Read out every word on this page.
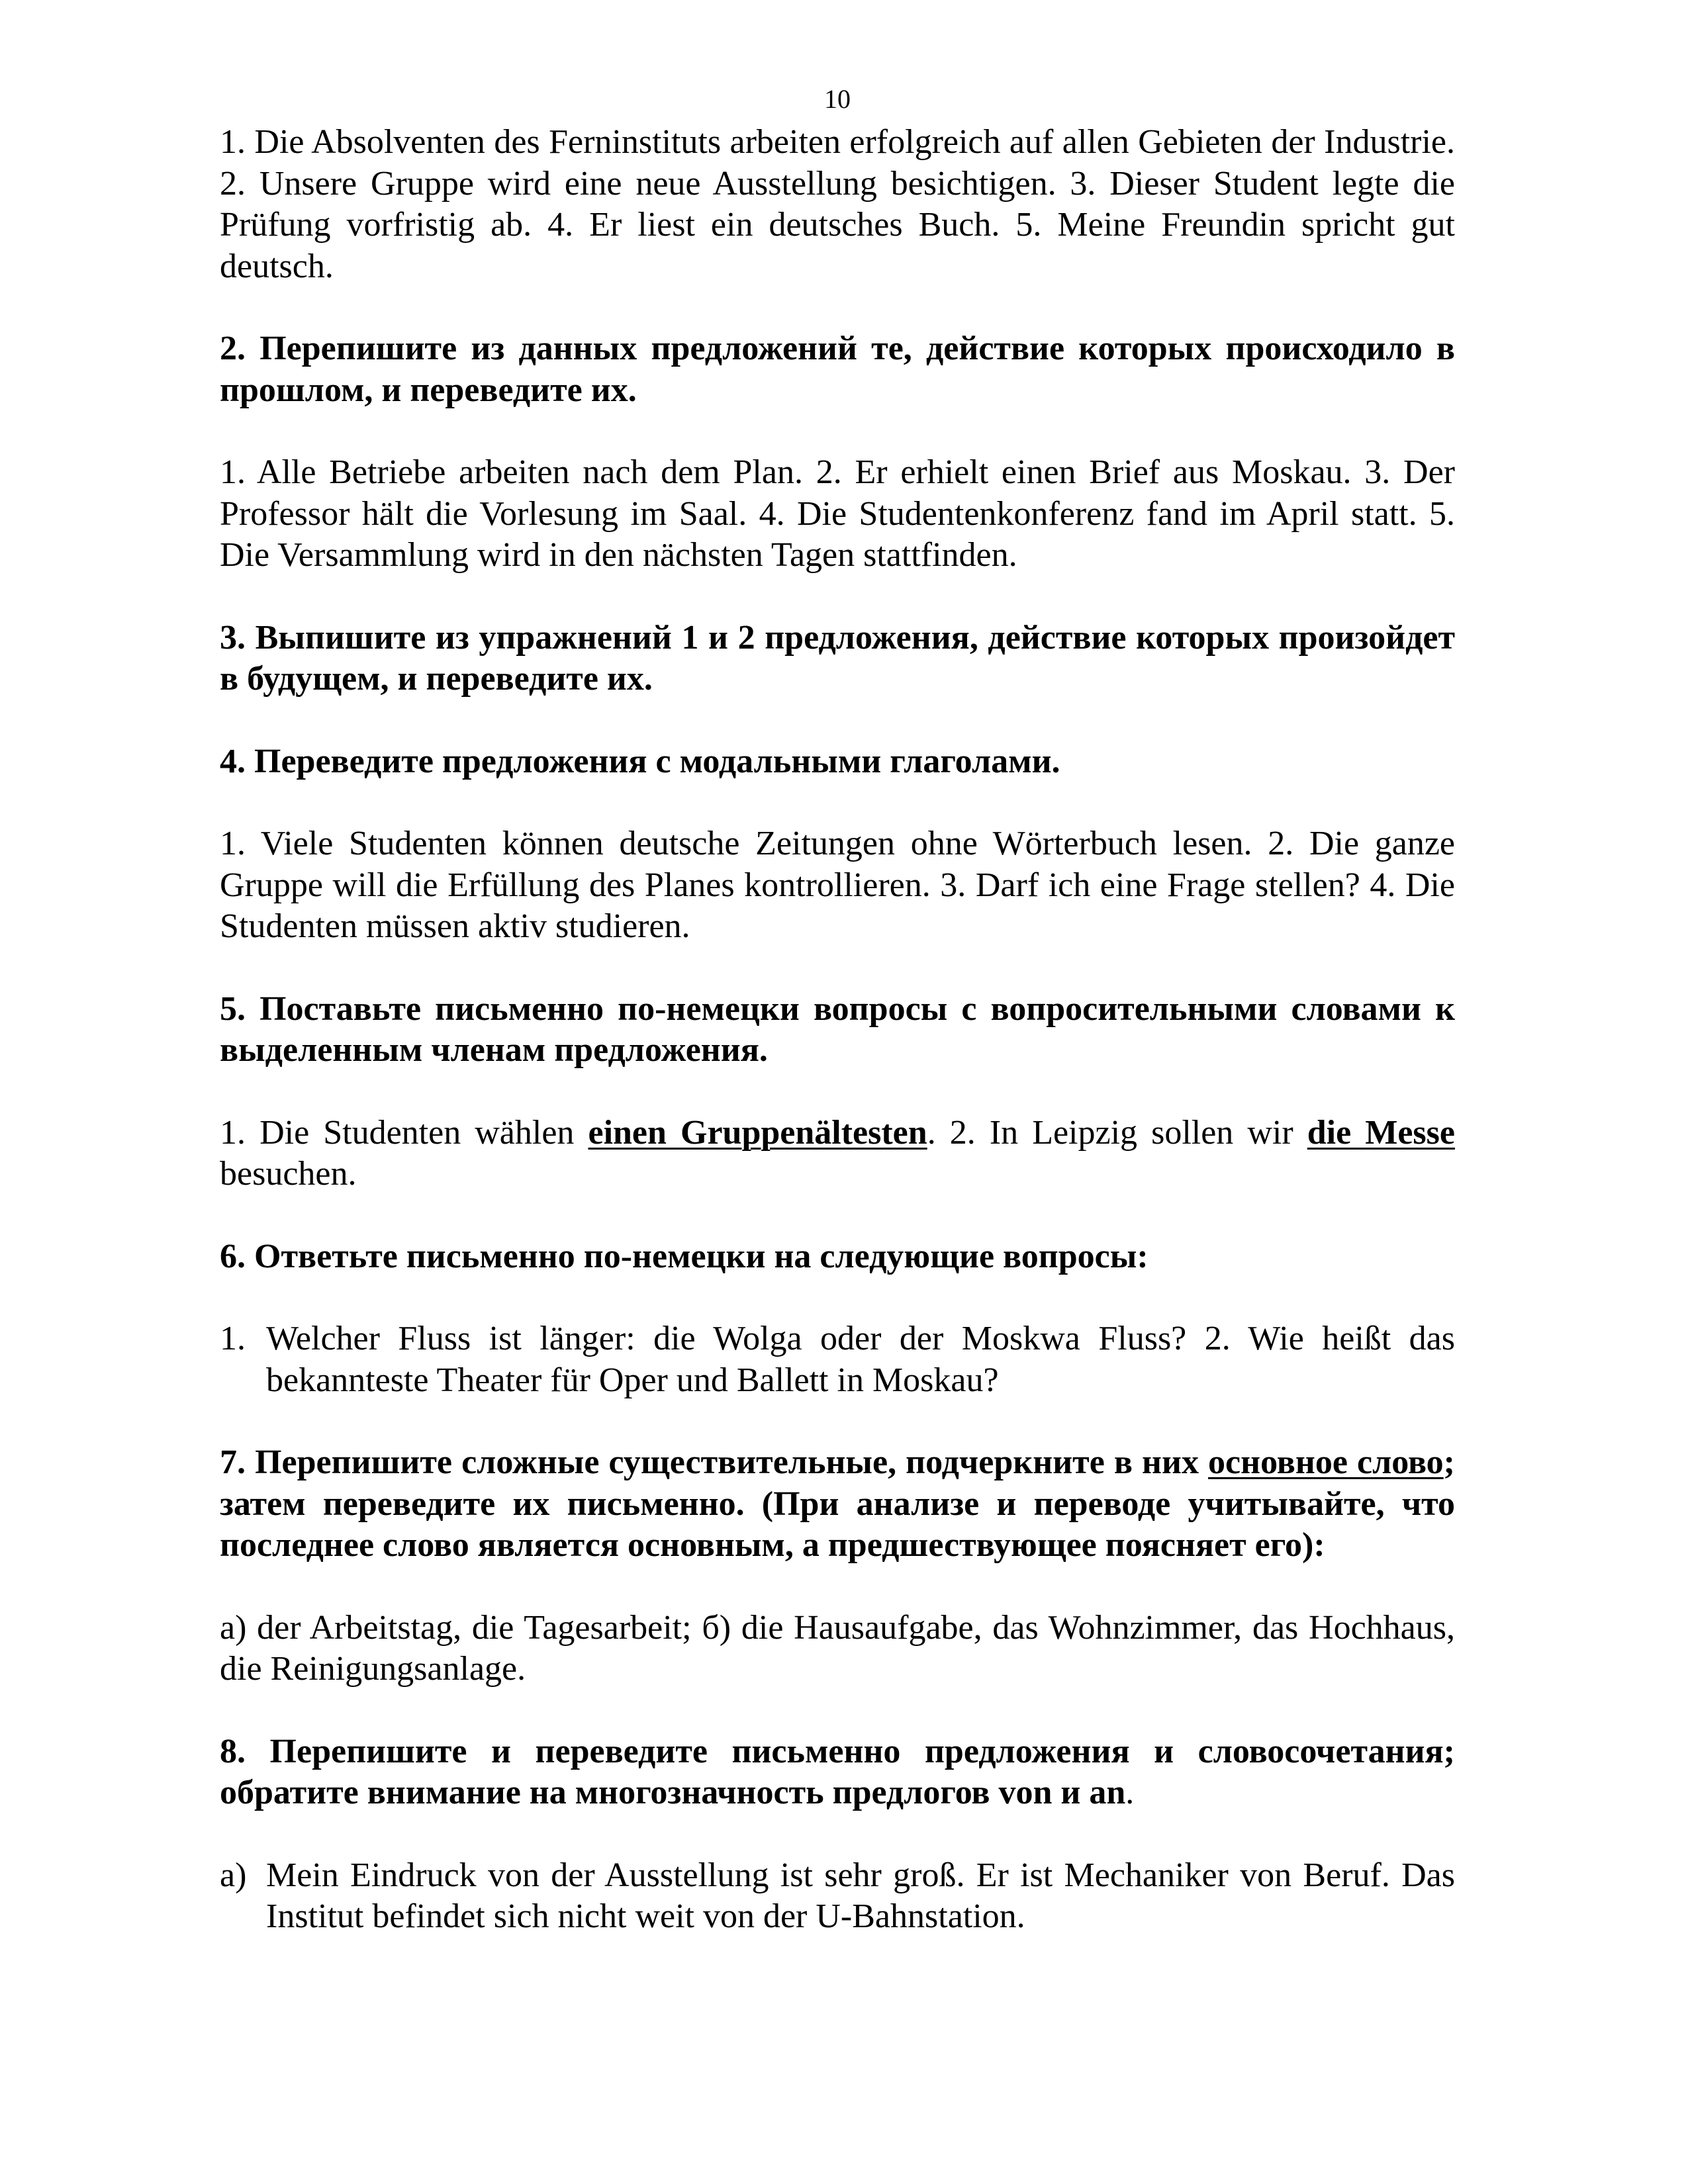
10

1. Die Absolventen des Ferninstituts arbeiten erfolgreich auf allen Gebieten der Industrie. 2. Unsere Gruppe wird eine neue Ausstellung besichtigen. 3. Dieser Student legte die Prüfung vorfristig ab. 4. Er liest ein deutsches Buch. 5. Meine Freundin spricht gut deutsch.

2. Перепишите из данных предложений те, действие которых происходило в прошлом, и переведите их.

1. Alle Betriebe arbeiten nach dem Plan. 2. Er erhielt einen Brief aus Moskau. 3. Der Professor hält die Vorlesung im Saal. 4. Die Studentenkonferenz fand im April statt. 5. Die Versammlung wird in den nächsten Tagen stattfinden.

3. Выпишите из упражнений 1 и 2 предложения, действие которых произойдет в будущем, и переведите их.

4. Переведите предложения с модальными глаголами.

1. Viele Studenten können deutsche Zeitungen ohne Wörterbuch lesen. 2. Die ganze Gruppe will die Erfüllung des Planes kontrollieren. 3. Darf ich eine Frage stellen? 4. Die Studenten müssen aktiv studieren.

5. Поставьте письменно по-немецки вопросы с вопросительными словами к выделенным членам предложения.

1. Die Studenten wählen einen Gruppenältesten. 2. In Leipzig sollen wir die Messe besuchen.

6. Ответьте письменно по-немецки на следующие вопросы:

1. Welcher Fluss ist länger: die Wolga oder der Moskwa Fluss? 2. Wie heißt das bekannteste Theater für Oper und Ballett in Moskau?

7. Перепишите сложные существительные, подчеркните в них основное слово; затем переведите их письменно. (При анализе и переводе учитывайте, что последнее слово является основным, а предшествующее поясняет его):

а) der Arbeitstag, die Tagesarbeit; б) die Hausaufgabe, das Wohnzimmer, das Hochhaus, die Reinigungsanlage.

8. Перепишите и переведите письменно предложения и словосочетания; обратите внимание на многозначность предлогов von и an.

а) Mein Eindruck von der Ausstellung ist sehr groß. Er ist Mechaniker von Beruf. Das Institut befindet sich nicht weit von der U-Bahnstation.
